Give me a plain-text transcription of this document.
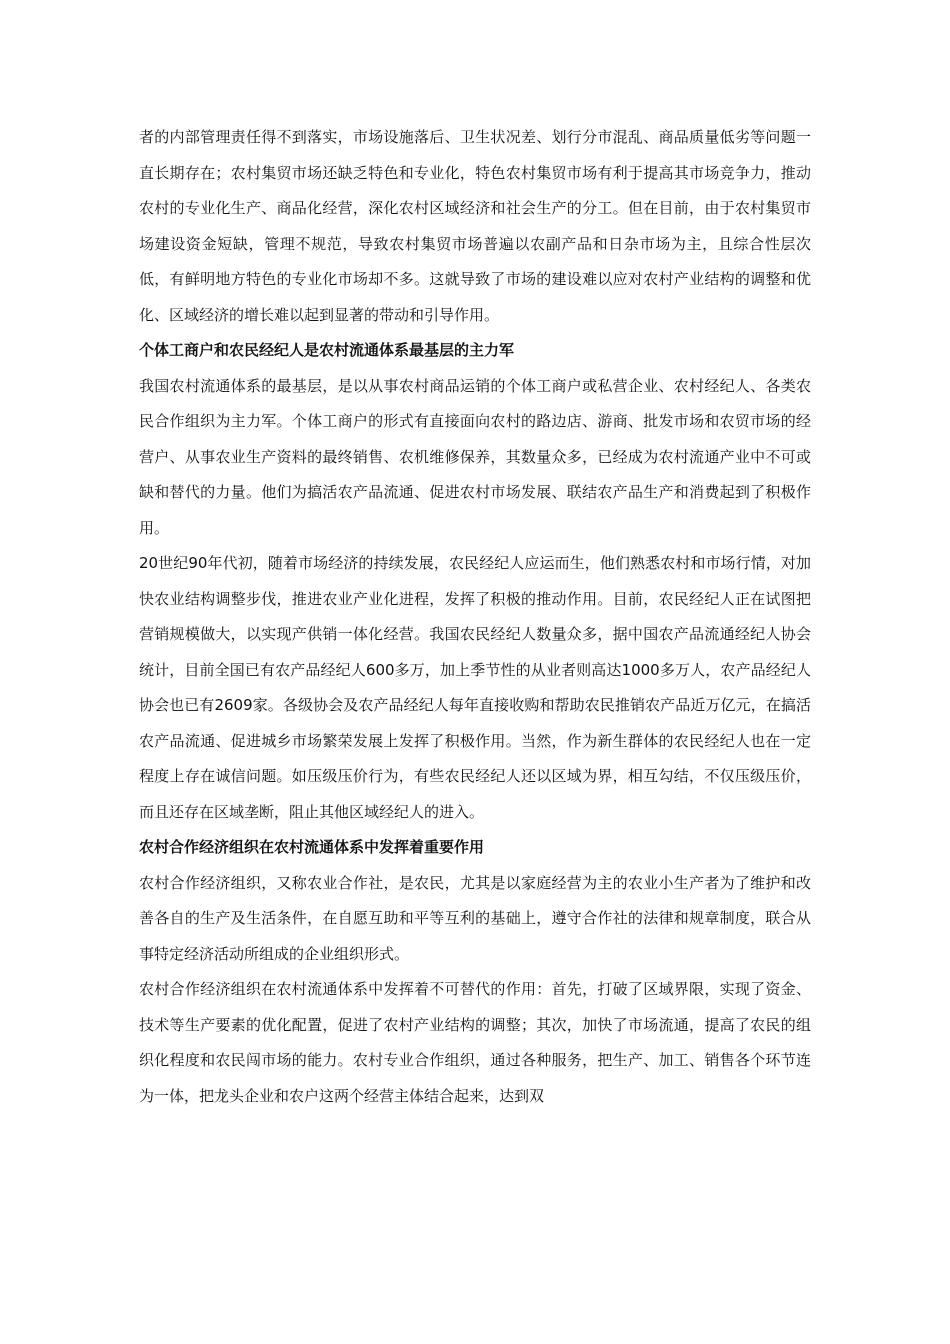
者的内部管理责任得不到落实，市场设施落后、卫生状况差、划行分市混乱、商品质量低劣等问题一直长期存在；农村集贸市场还缺乏特色和专业化，特色农村集贸市场有利于提高其市场竞争力，推动农村的专业化生产、商品化经营，深化农村区域经济和社会生产的分工。但在目前，由于农村集贸市场建设资金短缺，管理不规范，导致农村集贸市场普遍以农副产品和日杂市场为主，且综合性层次低，有鲜明地方特色的专业化市场却不多。这就导致了市场的建设难以应对农村产业结构的调整和优化、区域经济的增长难以起到显著的带动和引导作用。

个体工商户和农民经纪人是农村流通体系最基层的主力军

我国农村流通体系的最基层，是以从事农村商品运销的个体工商户或私营企业、农村经纪人、各类农民合作组织为主力军。个体工商户的形式有直接面向农村的路边店、游商、批发市场和农贸市场的经营户、从事农业生产资料的最终销售、农机维修保养，其数量众多，已经成为农村流通产业中不可或缺和替代的力量。他们为搞活农产品流通、促进农村市场发展、联结农产品生产和消费起到了积极作用。

20世纪90年代初，随着市场经济的持续发展，农民经纪人应运而生，他们熟悉农村和市场行情，对加快农业结构调整步伐，推进农业产业化进程，发挥了积极的推动作用。目前，农民经纪人正在试图把营销规模做大，以实现产供销一体化经营。我国农民经纪人数量众多，据中国农产品流通经纪人协会统计，目前全国已有农产品经纪人600多万，加上季节性的从业者则高达1000多万人，农产品经纪人协会也已有2609家。各级协会及农产品经纪人每年直接收购和帮助农民推销农产品近万亿元，在搞活农产品流通、促进城乡市场繁荣发展上发挥了积极作用。当然，作为新生群体的农民经纪人也在一定程度上存在诚信问题。如压级压价行为，有些农民经纪人还以区域为界，相互勾结，不仅压级压价，而且还存在区域垄断，阻止其他区域经纪人的进入。

农村合作经济组织在农村流通体系中发挥着重要作用

农村合作经济组织，又称农业合作社，是农民，尤其是以家庭经营为主的农业小生产者为了维护和改善各自的生产及生活条件，在自愿互助和平等互利的基础上，遵守合作社的法律和规章制度，联合从事特定经济活动所组成的企业组织形式。

农村合作经济组织在农村流通体系中发挥着不可替代的作用：首先，打破了区域界限，实现了资金、技术等生产要素的优化配置，促进了农村产业结构的调整；其次，加快了市场流通，提高了农民的组织化程度和农民闯市场的能力。农村专业合作组织，通过各种服务，把生产、加工、销售各个环节连为一体，把龙头企业和农户这两个经营主体结合起来，达到双
